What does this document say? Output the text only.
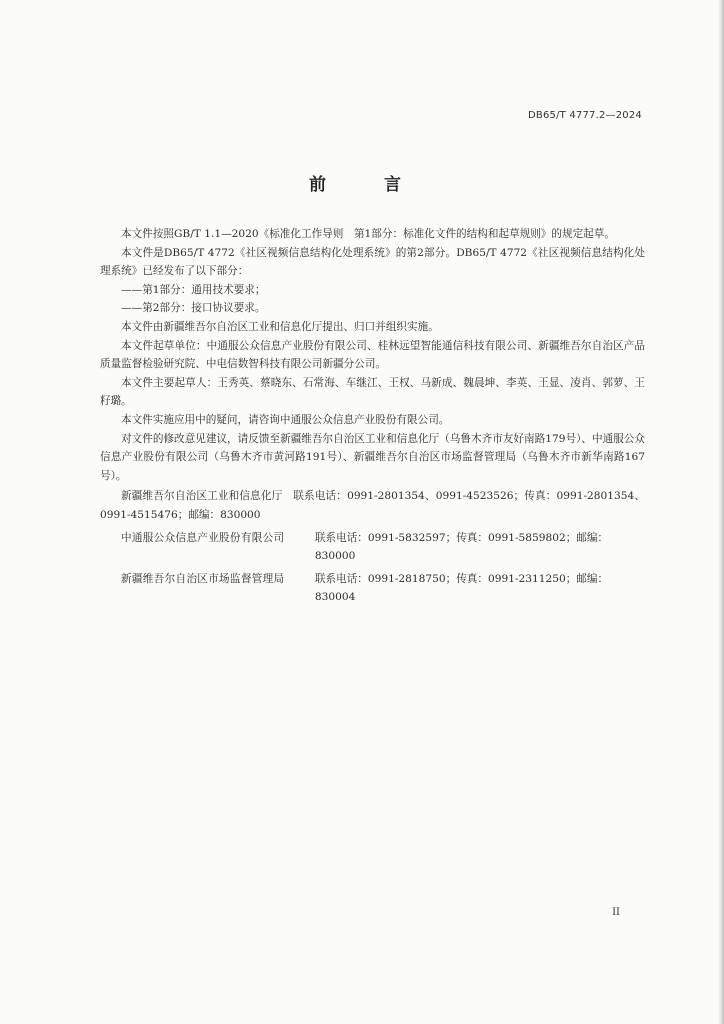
DB65/T 4777.2—2024
前 言

本文件按照GB/T 1.1—2020《标准化工作导则　第1部分：标准化文件的结构和起草规则》的规定起草。

本文件是DB65/T 4772《社区视频信息结构化处理系统》的第2部分。DB65/T 4772《社区视频信息结构化处理系统》已经发布了以下部分：

——第1部分：通用技术要求；

——第2部分：接口协议要求。

本文件由新疆维吾尔自治区工业和信息化厅提出、归口并组织实施。

本文件起草单位：中通服公众信息产业股份有限公司、桂林远望智能通信科技有限公司、新疆维吾尔自治区产品质量监督检验研究院、中电信数智科技有限公司新疆分公司。

本文件主要起草人：王秀英、蔡晓东、石常海、车继江、王权、马新成、魏晨坤、李英、王显、凌肖、郭萝、王籽璐。

本文件实施应用中的疑问，请咨询中通服公众信息产业股份有限公司。

对文件的修改意见建议，请反馈至新疆维吾尔自治区工业和信息化厅（乌鲁木齐市友好南路179号）、中通服公众信息产业股份有限公司（乌鲁木齐市黄河路191号）、新疆维吾尔自治区市场监督管理局（乌鲁木齐市新华南路167号）。

新疆维吾尔自治区工业和信息化厅　 联系电话：0991-2801354、0991-4523526；传真：0991-2801354、0991-4515476；邮编：830000

中通服公众信息产业股份有限公司	联系电话：0991-5832597；传真：0991-5859802；邮编：830000

新疆维吾尔自治区市场监督管理局	联系电话：0991-2818750；传真：0991-2311250；邮编：830004

II
